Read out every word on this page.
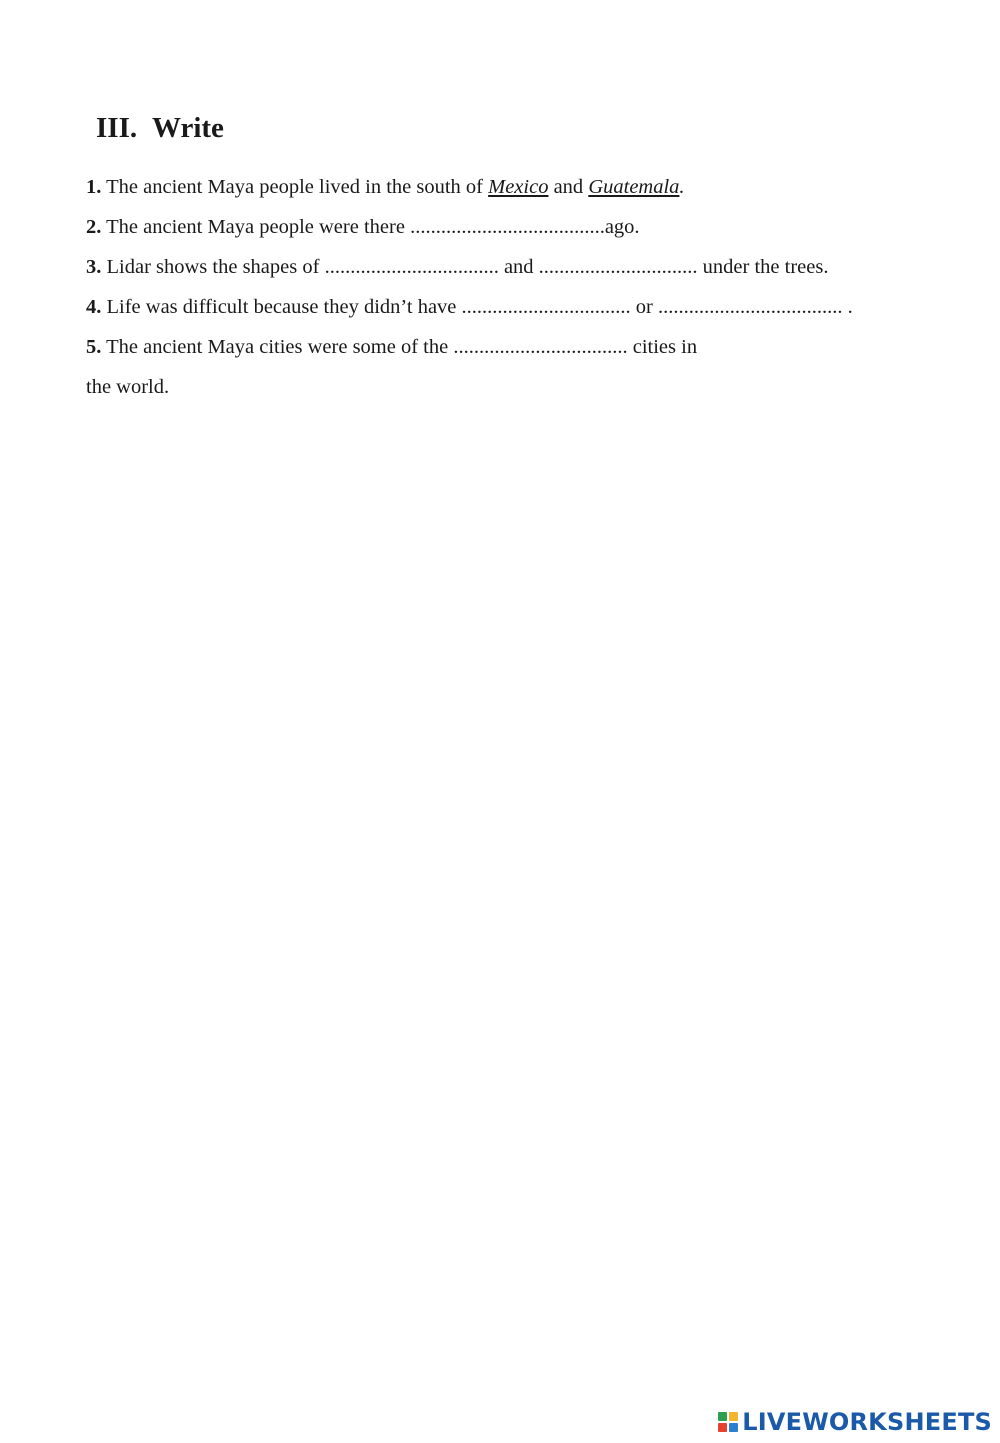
III. Write
1. The ancient Maya people lived in the south of Mexico and Guatemala.
2. The ancient Maya people were there ......................................ago.
3. Lidar shows the shapes of .................................. and ............................... under the trees.
4. Life was difficult because they didn’t have ................................. or .................................... .
5. The ancient Maya cities were some of the .................................. cities in
the world.
LIVEWORKSHEETS
